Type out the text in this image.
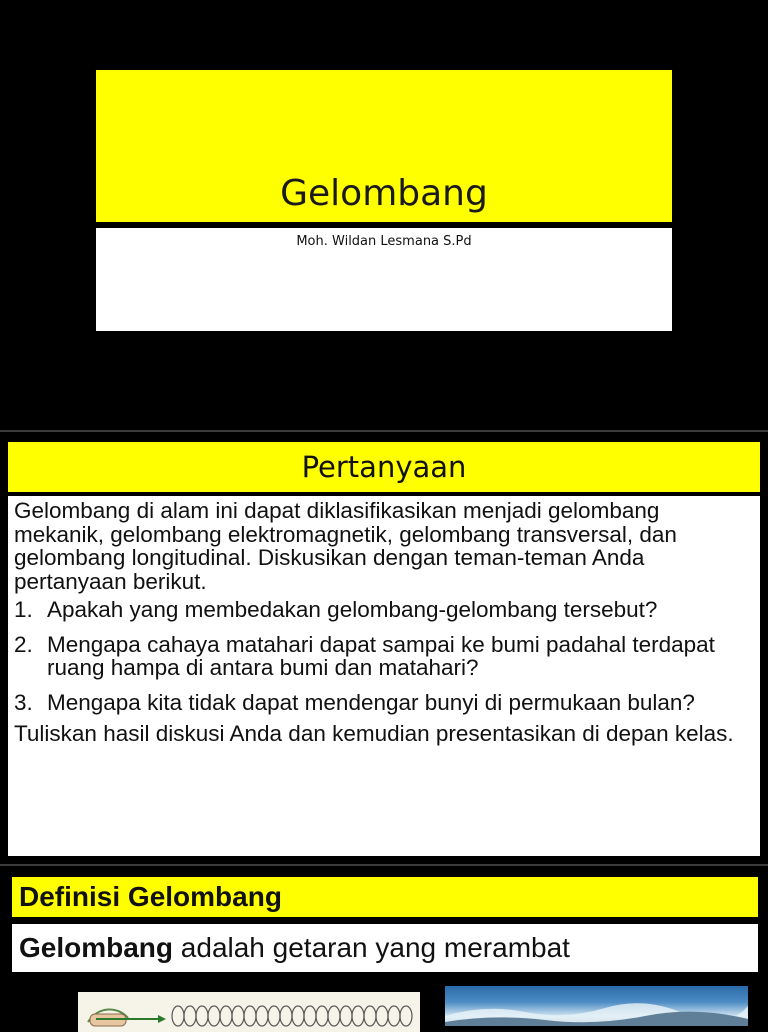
Gelombang
Moh. Wildan Lesmana S.Pd
Pertanyaan

Gelombang di alam ini dapat diklasifikasikan menjadi gelombang mekanik, gelombang elektromagnetik, gelombang transversal, dan gelombang longitudinal. Diskusikan dengan teman-teman Anda pertanyaan berikut.

1. Apakah yang membedakan gelombang-gelombang tersebut?
2. Mengapa cahaya matahari dapat sampai ke bumi padahal terdapat ruang hampa di antara bumi dan matahari?
3. Mengapa kita tidak dapat mendengar bunyi di permukaan bulan?

Tuliskan hasil diskusi Anda dan kemudian presentasikan di depan kelas.

Definisi Gelombang
Gelombang adalah getaran yang merambat
